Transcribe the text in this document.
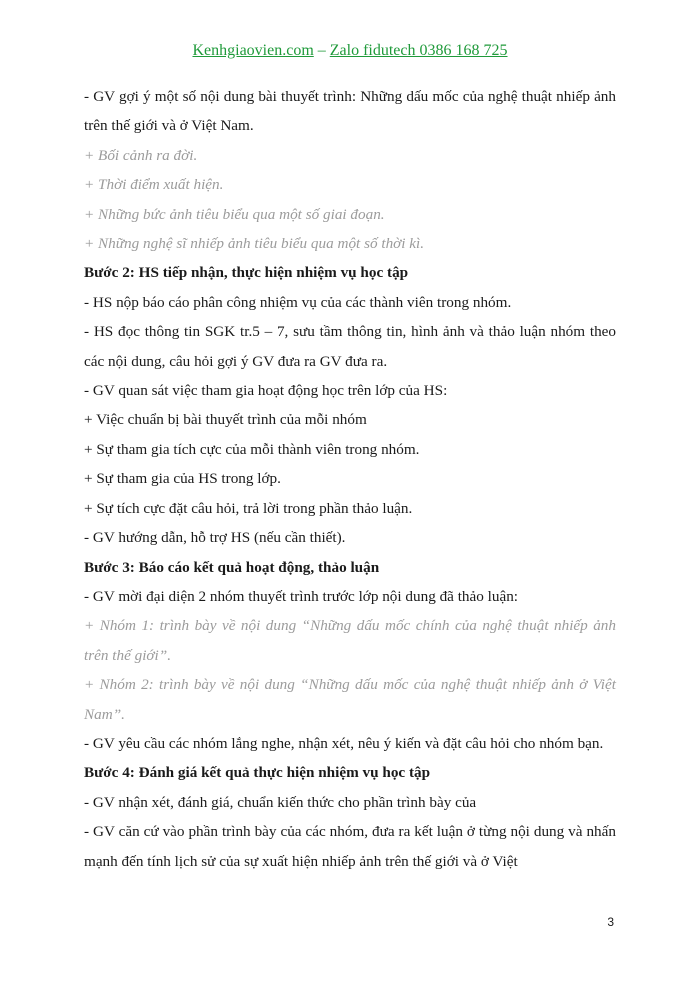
Kenhgiaovien.com – Zalo fidutech 0386 168 725

- GV gợi ý một số nội dung bài thuyết trình: Những dấu mốc của nghệ thuật nhiếp ảnh trên thế giới và ở Việt Nam.

+ Bối cảnh ra đời.

+ Thời điểm xuất hiện.

+ Những bức ảnh tiêu biểu qua một số giai đoạn.

+ Những nghệ sĩ nhiếp ảnh tiêu biểu qua một số thời kì.

Bước 2: HS tiếp nhận, thực hiện nhiệm vụ học tập

- HS nộp báo cáo phân công nhiệm vụ của các thành viên trong nhóm.

- HS đọc thông tin SGK tr.5 – 7, sưu tầm thông tin, hình ảnh và thảo luận nhóm theo các nội dung, câu hỏi gợi ý GV đưa ra GV đưa ra.

- GV quan sát việc tham gia hoạt động học trên lớp của HS:

+ Việc chuẩn bị bài thuyết trình của mỗi nhóm

+ Sự tham gia tích cực của mỗi thành viên trong nhóm.

+ Sự tham gia của HS trong lớp.

+ Sự tích cực đặt câu hỏi, trả lời trong phần thảo luận.

- GV hướng dẫn, hỗ trợ HS (nếu cần thiết).

Bước 3: Báo cáo kết quả hoạt động, thảo luận

- GV mời đại diện 2 nhóm thuyết trình trước lớp nội dung đã thảo luận:

+ Nhóm 1: trình bày về nội dung “Những dấu mốc chính của nghệ thuật nhiếp ảnh trên thế giới”.

+ Nhóm 2: trình bày về nội dung “Những dấu mốc của nghệ thuật nhiếp ảnh ở Việt Nam”.

- GV yêu cầu các nhóm lắng nghe, nhận xét, nêu ý kiến và đặt câu hỏi cho nhóm bạn.

Bước 4: Đánh giá kết quả thực hiện nhiệm vụ học tập

- GV nhận xét, đánh giá, chuẩn kiến thức cho phần trình bày của

- GV căn cứ vào phần trình bày của các nhóm, đưa ra kết luận ở từng nội dung và nhấn mạnh đến tính lịch sử của sự xuất hiện nhiếp ảnh trên thế giới và ở Việt

3
